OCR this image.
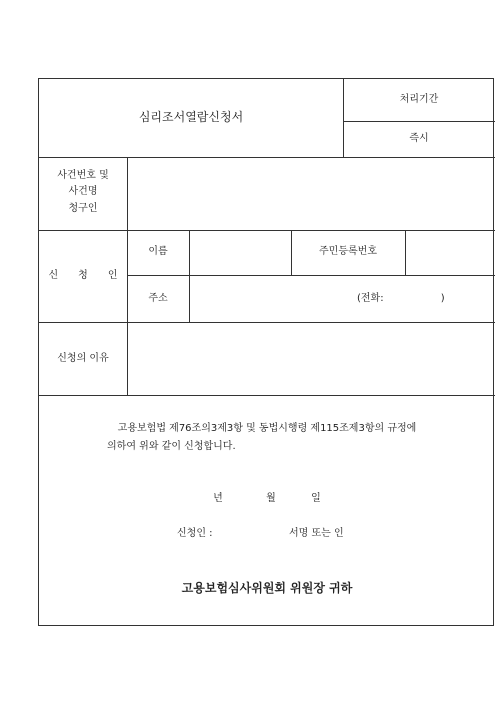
심리조서열람신청서
처리기간
즉시
사건번호 및
사건명
청구인
신　　청　　인
이름	주민등록번호
주소	(전화:                  )
신청의 이유
고용보험법 제76조의3제3항 및 동법시행령 제115조제3항의 규정에
의하여 위와 같이 신청합니다.
년	월	일
신청인 :	서명 또는 인
고용보험심사위원회 위원장 귀하
